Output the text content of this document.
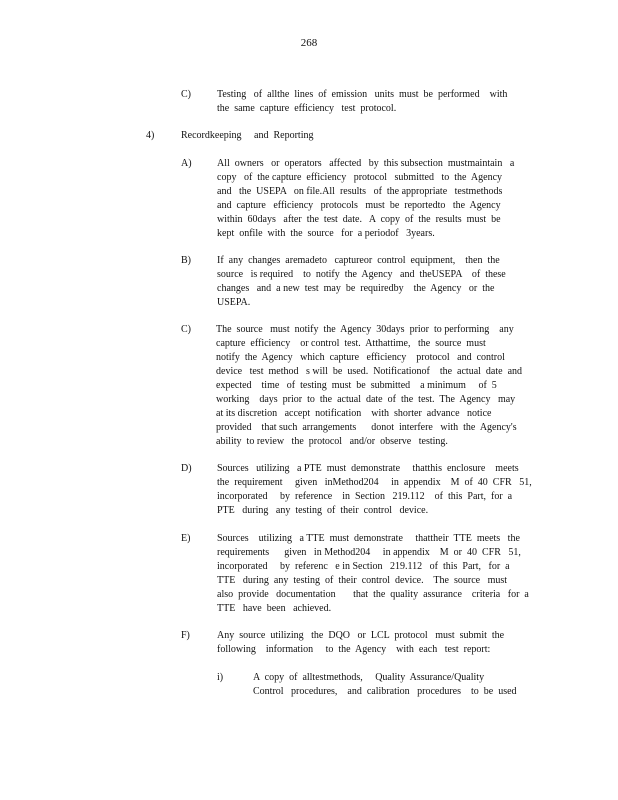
268
C)	Testing   of  allthe  lines  of  emission   units  must  be  performed    with
the  same  capture  efficiency   test  protocol.
4)	Recordkeeping     and  Reporting
A)	All  owners   or  operators   affected   by  this subsection  mustmaintain   a
copy   of  the capture  efficiency   protocol   submitted   to  the  Agency
and   the  USEPA   on file.All  results   of  the appropriate   testmethods
and  capture   efficiency   protocols   must  be  reportedto   the  Agency
within  60days   after  the  test  date.   A  copy  of  the  results  must  be
kept  onfile  with  the  source   for  a periodof   3years.
B)	If  any  changes  aremadeto   captureor  control  equipment,    then  the
source   is required    to  notify  the  Agency   and  theUSEPA    of  these
changes   and  a new  test  may  be  requiredby    the  Agency   or  the
USEPA.
C)	The  source   must  notify  the  Agency  30days  prior  to performing    any
capture  efficiency    or control  test.  Atthattime,   the  source  must
notify  the  Agency   which  capture   efficiency    protocol   and  control
device   test  method   s will  be  used.  Notificationof    the  actual  date  and
expected    time   of  testing  must  be  submitted    a minimum     of  5
working    days  prior  to  the  actual  date  of  the  test.  The  Agency   may
at its discretion   accept  notification    with  shorter  advance   notice
provided    that such  arrangements      donot  interfere   with  the  Agency's
ability  to review   the  protocol   and/or  observe   testing.
D)	Sources   utilizing   a PTE  must  demonstrate     thatthis  enclosure    meets
the  requirement     given   inMethod204     in  appendix    M  of  40  CFR   51,
incorporated     by  reference    in  Section   219.112    of  this  Part,  for  a
PTE   during   any  testing  of  their  control   device.
E)	Sources    utilizing   a TTE  must  demonstrate     thattheir  TTE  meets   the
requirements      given   in Method204     in appendix    M  or  40  CFR   51,
incorporated     by  referenc   e in Section   219.112   of  this  Part,   for  a
TTE   during  any  testing  of  their  control  device.    The  source   must
also  provide   documentation       that  the  quality  assurance    criteria   for  a
TTE   have  been   achieved.
F)	Any  source  utilizing   the  DQO   or  LCL  protocol   must  submit  the
following    information     to  the  Agency    with  each   test  report:
i)	A  copy  of  alltestmethods,     Quality  Assurance/Quality
Control   procedures,    and  calibration   procedures    to  be  used
